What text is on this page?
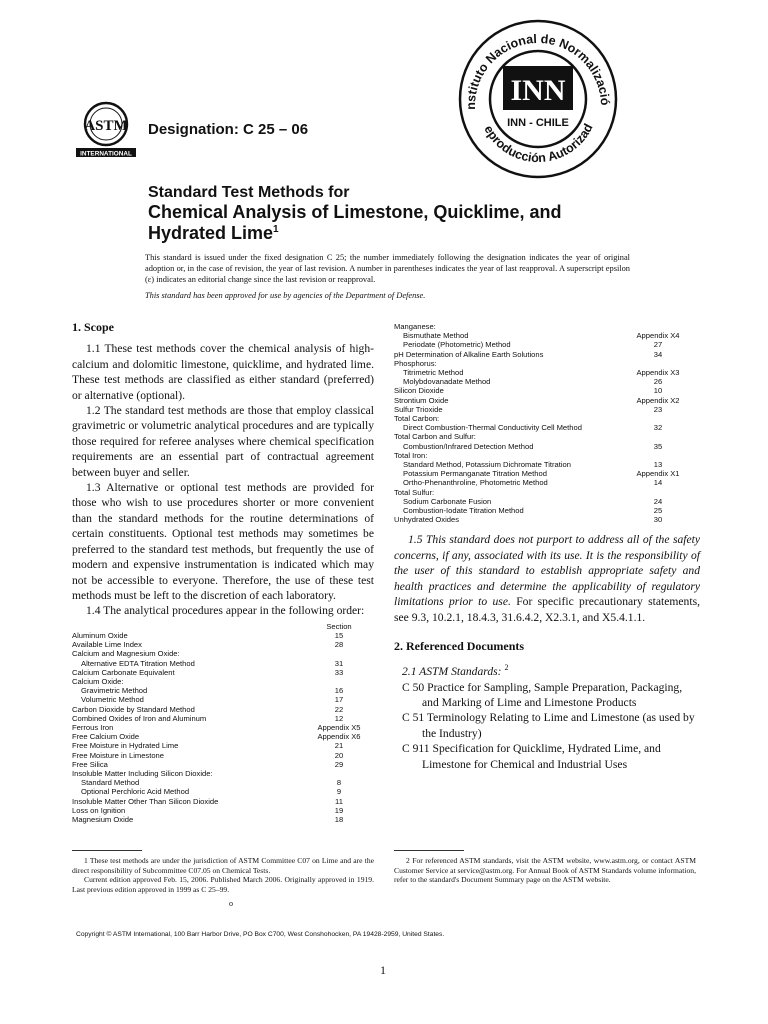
ASTM
INTERNATIONAL
Designation: C 25 – 06
nstituto Nacional de Normalizació
eproducción Autorizad
INN
INN - CHILE
Standard Test Methods for
Chemical Analysis of Limestone, Quicklime, and Hydrated Lime$^1$
This standard is issued under the fixed designation C 25; the number immediately following the designation indicates the year of original adoption or, in the case of revision, the year of last revision. A number in parentheses indicates the year of last reapproval. A superscript epsilon (ε) indicates an editorial change since the last revision or reapproval.
This standard has been approved for use by agencies of the Department of Defense.
1. Scope

1.1 These test methods cover the chemical analysis of high-calcium and dolomitic limestone, quicklime, and hydrated lime. These test methods are classified as either standard (preferred) or alternative (optional).

1.2 The standard test methods are those that employ classical gravimetric or volumetric analytical procedures and are typically those required for referee analyses where chemical specification requirements are an essential part of contractual agreement between buyer and seller.

1.3 Alternative or optional test methods are provided for those who wish to use procedures shorter or more convenient than the standard methods for the routine determinations of certain constituents. Optional test methods may sometimes be preferred to the standard test methods, but frequently the use of modern and expensive instrumentation is indicated which may not be accessible to everyone. Therefore, the use of these test methods must be left to the discretion of each laboratory.

1.4 The analytical procedures appear in the following order:

Section
Aluminum Oxide	15
Available Lime Index	28
Calcium and Magnesium Oxide:
Alternative EDTA Titration Method	31
Calcium Carbonate Equivalent	33
Calcium Oxide:
Gravimetric Method	16
Volumetric Method	17
Carbon Dioxide by Standard Method	22
Combined Oxides of Iron and Aluminum	12
Ferrous Iron	Appendix X5
Free Calcium Oxide	Appendix X6
Free Moisture in Hydrated Lime	21
Free Moisture in Limestone	20
Free Silica	29
Insoluble Matter Including Silicon Dioxide:
Standard Method	8
Optional Perchloric Acid Method	9
Insoluble Matter Other Than Silicon Dioxide	11
Loss on Ignition	19
Magnesium Oxide	18
Manganese:
Bismuthate Method	Appendix X4
Periodate (Photometric) Method	27
pH Determination of Alkaline Earth Solutions	34
Phosphorus:
Titrimetric Method	Appendix X3
Molybdovanadate Method	26
Silicon Dioxide	10
Strontium Oxide	Appendix X2
Sulfur Trioxide	23
Total Carbon:
Direct Combustion-Thermal Conductivity Cell Method	32
Total Carbon and Sulfur:
Combustion/Infrared Detection Method	35
Total Iron:
Standard Method, Potassium Dichromate Titration	13
Potassium Permanganate Titration Method	Appendix X1
Ortho-Phenanthroline, Photometric Method	14
Total Sulfur:
Sodium Carbonate Fusion	24
Combustion-Iodate Titration Method	25
Unhydrated Oxides	30

1.5 This standard does not purport to address all of the safety concerns, if any, associated with its use. It is the responsibility of the user of this standard to establish appropriate safety and health practices and determine the applicability of regulatory limitations prior to use. For specific precautionary statements, see 9.3, 10.2.1, 18.4.3, 31.6.4.2, X2.3.1, and X5.4.1.1.

2. Referenced Documents

2.1 ASTM Standards: $^2$

C 50 Practice for Sampling, Sample Preparation, Packaging, and Marking of Lime and Limestone Products

C 51 Terminology Relating to Lime and Limestone (as used by the Industry)

C 911 Specification for Quicklime, Hydrated Lime, and Limestone for Chemical and Industrial Uses

1 These test methods are under the jurisdiction of ASTM Committee C07 on Lime and are the direct responsibility of Subcommittee C07.05 on Chemical Tests.

Current edition approved Feb. 15, 2006. Published March 2006. Originally approved in 1919. Last previous edition approved in 1999 as C 25–99.

2 For referenced ASTM standards, visit the ASTM website, www.astm.org, or contact ASTM Customer Service at service@astm.org. For Annual Book of ASTM Standards volume information, refer to the standard's Document Summary page on the ASTM website.

o
Copyright © ASTM International, 100 Barr Harbor Drive, PO Box C700, West Conshohocken, PA 19428-2959, United States.
1
